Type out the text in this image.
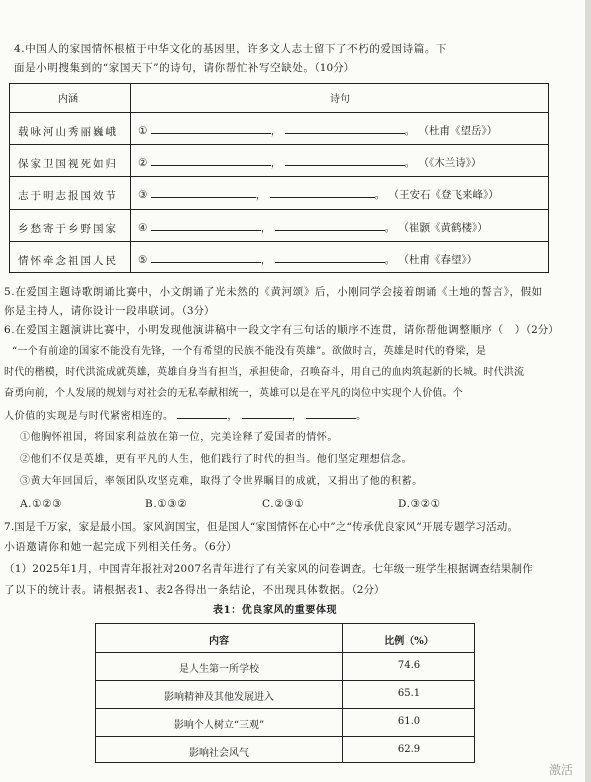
4.中国人的家国情怀根植于中华文化的基因里，许多文人志士留下了不朽的爱国诗篇。下
面是小明搜集到的“家国天下”的诗句，请你帮忙补写空缺处。（10分）
内涵	诗句
载咏河山秀丽巍峨 ①	，	。 （杜甫《望岳》）
保家卫国视死如归 ②	，	。 （《木兰诗》）
志于明志报国效节 ③	，	。 （王安石《登飞来峰》）
乡愁寄于乡野国家 ④	，	。 （崔颢《黄鹤楼》）
情怀牵念祖国人民 ⑤	，	。 （杜甫《春望》）
5.在爱国主题诗歌朗诵比赛中，小文朗诵了光未然的《黄河颂》后，小刚同学会接着朗诵《土地的誓言》，假如
你是主持人，请你设计一段串联词。（3分）
6.在爱国主题演讲比赛中，小明发现他演讲稿中一段文字有三句话的顺序不连贯，请你帮他调整顺序（　）（2分）
“一个有前途的国家不能没有先锋，一个有希望的民族不能没有英雄”。欲做时言，英雄是时代的脊梁，是
时代的楷模，时代洪流成就英雄，英雄自身当有担当，承担使命，召唤奋斗，用自己的血肉筑起新的长城。时代洪流
奋勇向前，个人发展的规划与对社会的无私奉献相统一，英雄可以是在平凡的岗位中实现个人价值。个
人价值的实现是与时代紧密相连的。	，	，	。
①他胸怀祖国，将国家利益放在第一位，完美诠释了爱国者的情怀。
②他们不仅是英雄，更有平凡的人生，他们践行了时代的担当。他们坚定理想信念。
③黄大年回国后，率领团队攻坚克难，取得了令世界瞩目的成就，又捐出了他的积蓄。
A.①②③	B.①③②	C.②③①	D.③②①
7.国是千万家，家是最小国。家风润国宝，但是国人“家国情怀在心中”之“传承优良家风”开展专题学习活动。
小语邀请你和她一起完成下列相关任务。（6分）
（1）2025年1月，中国青年报社对2007名青年进行了有关家风的问卷调查。七年级一班学生根据调查结果制作
了以下的统计表。请根据表1、表2各得出一条结论，不出现具体数据。（2分）
表1：优良家风的重要体现
内容	比例（%）
是人生第一所学校	74.6
影响精神及其他发展进入	65.1
影响个人树立“三观”	61.0
影响社会风气	62.9
激活
